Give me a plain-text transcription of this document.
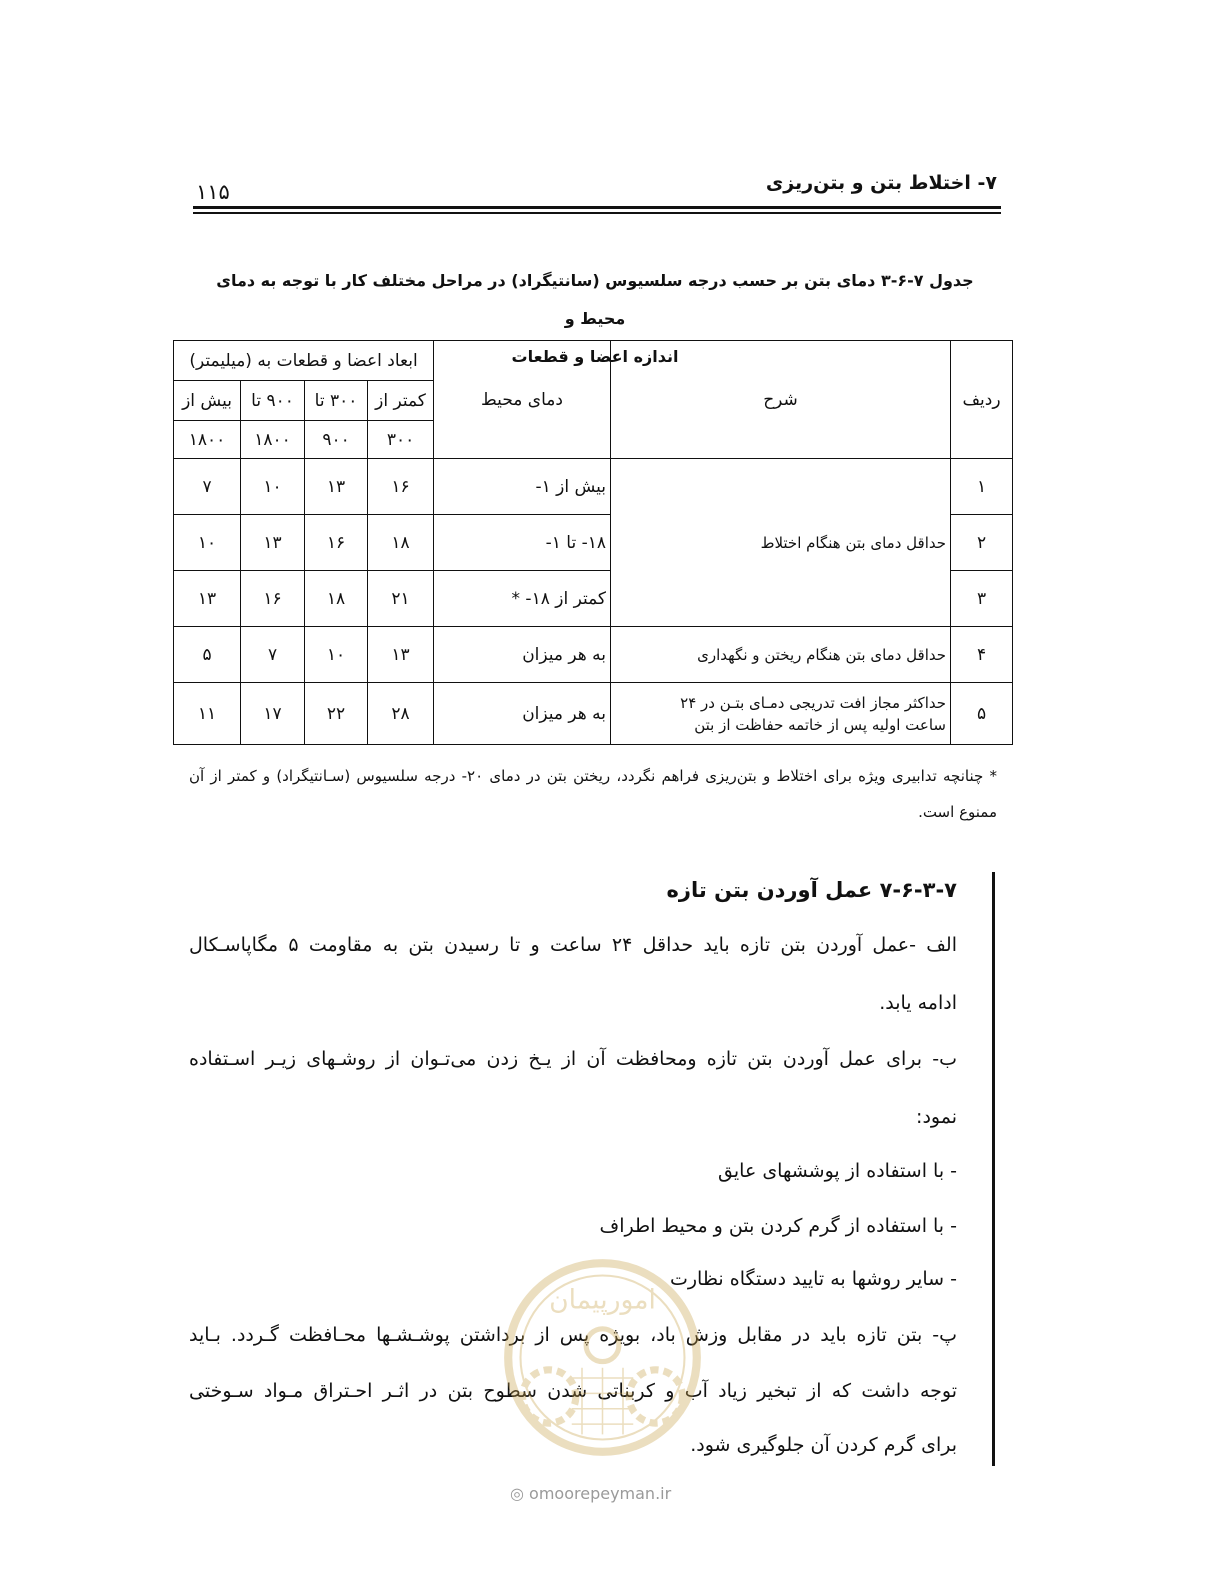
۷- اختلاط بتن و بتن‌ریزی
۱۱۵
جدول ۷-۶-۳ دمای بتن بر حسب درجه سلسیوس (سانتیگراد) در مراحل مختلف کار با توجه به دمای محیط و
اندازه اعضا و قطعات
ردیف	شرح	دمای محیط	ابعاد اعضا و قطعات به (میلیمتر)			
			کمتر از	۳۰۰ تا	۹۰۰ تا	بیش از
			۳۰۰	۹۰۰	۱۸۰۰	۱۸۰۰
۱	حداقل دمای بتن هنگام اختلاط	بیش از ۱-	۱۶	۱۳	۱۰	۷
۲		۱۸- تا ۱-	۱۸	۱۶	۱۳	۱۰
۳		کمتر از ۱۸- *	۲۱	۱۸	۱۶	۱۳
۴	حداقل دمای بتن هنگام ریختن و نگهداری	به هر میزان	۱۳	۱۰	۷	۵
۵	حداکثر مجاز افت تدریجی دمـای بتـن در ۲۴
ساعت اولیه پس از خاتمه حفاظت از بتن	به هر میزان	۲۸	۲۲	۱۷	۱۱
* چنانچه تدابیری ویژه برای اختلاط و بتن‌ریزی فراهم نگردد، ریختن بتن در دمای ۲۰- درجه سلسیوس (سـانتیگراد) و کمتر از آن ممنوع است.
۷-۶-۳-۷ عمل آوردن بتن تازه
الف -عمل آوردن بتن تازه باید حداقل ۲۴ ساعت و تا رسیدن بتن به مقاومت ۵ مگاپاسـکال
ادامه یابد.
ب- برای عمل آوردن بتن تازه ومحافظت آن از یـخ زدن می‌تـوان از روشـهای زیـر اسـتفاده
نمود:
- با استفاده از پوششهای عایق
- با استفاده از گرم کردن بتن و محیط اطراف
- سایر روشها به تایید دستگاه نظارت
پ- بتن تازه باید در مقابل وزش باد، بویژه پس از برداشتن پوشـشـها محـافظت گـردد. بـاید
توجه داشت که از تبخیر زیاد آب و کربناتی شدن سطوح بتن در اثـر احـتراق مـواد سـوختی
برای گرم کردن آن جلوگیری شود.
امورپیمان
◎ omoorepeyman.ir
